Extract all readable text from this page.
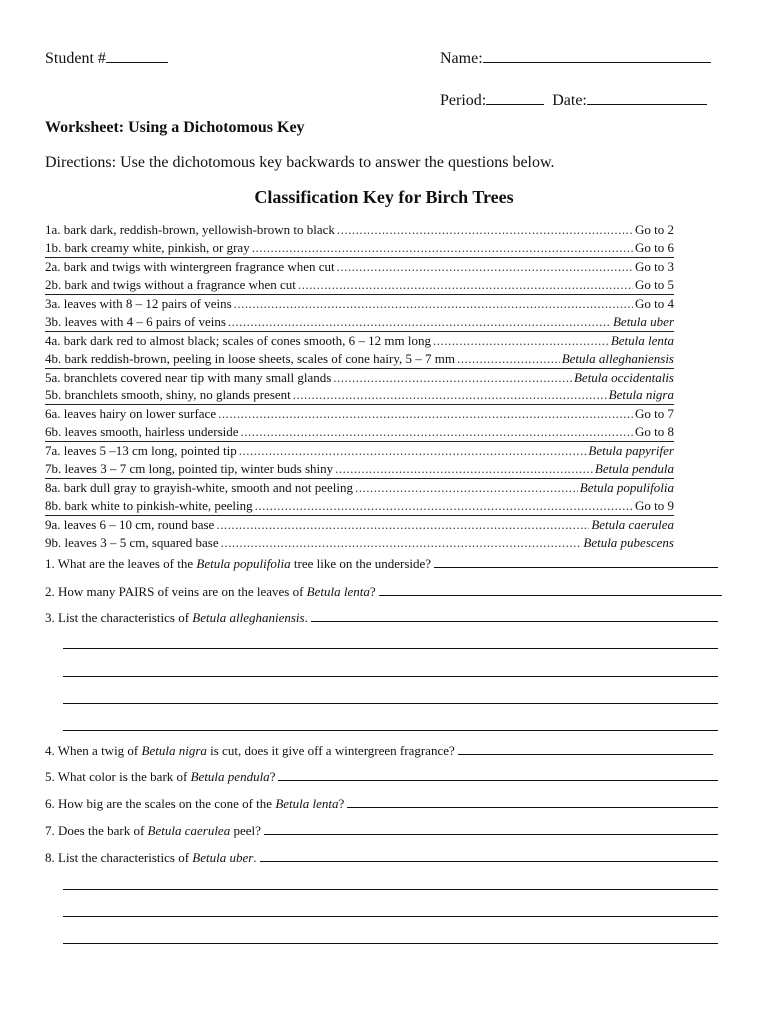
Student #	Name:
Period:	Date:
Worksheet: Using a Dichotomous Key
Directions: Use the dichotomous key backwards to answer the questions below.
Classification Key for Birch Trees
1a. bark dark, reddish-brown, yellowish-brown to black .....	Go to 2
1b. bark creamy white, pinkish, or gray .....	Go to 6
2a. bark and twigs with wintergreen fragrance when cut .....	Go to 3
2b. bark and twigs without a fragrance when cut .....	Go to 5
3a. leaves with 8 – 12 pairs of veins .....	Go to 4
3b. leaves with 4 – 6 pairs of veins .....	Betula uber
4a. bark dark red to almost black; scales of cones smooth, 6 – 12 mm long .....	Betula lenta
4b. bark reddish-brown, peeling in loose sheets, scales of cone hairy, 5 – 7 mm .....	Betula alleghaniensis
5a. branchlets covered near tip with many small glands .....	Betula occidentalis
5b. branchlets smooth, shiny, no glands present .....	Betula nigra
6a. leaves hairy on lower surface .....	Go to 7
6b. leaves smooth, hairless underside .....	Go to 8
7a. leaves 5 –13 cm long, pointed tip .....	Betula papyrifer
7b. leaves 3 – 7 cm long, pointed tip, winter buds shiny .....	Betula pendula
8a. bark dull gray to grayish-white, smooth and not peeling .....	Betula populifolia
8b. bark white to pinkish-white, peeling .....	Go to 9
9a. leaves 6 – 10 cm, round base .....	Betula caerulea
9b. leaves 3 – 5 cm, squared base .....	Betula pubescens
1. What are the leaves of the Betula populifolia tree like on the underside?
2. How many PAIRS of veins are on the leaves of Betula lenta?
3. List the characteristics of Betula alleghaniensis.
4. When a twig of Betula nigra is cut, does it give off a wintergreen fragrance?
5. What color is the bark of Betula pendula?
6. How big are the scales on the cone of the Betula lenta?
7. Does the bark of Betula caerulea peel?
8. List the characteristics of Betula uber.
